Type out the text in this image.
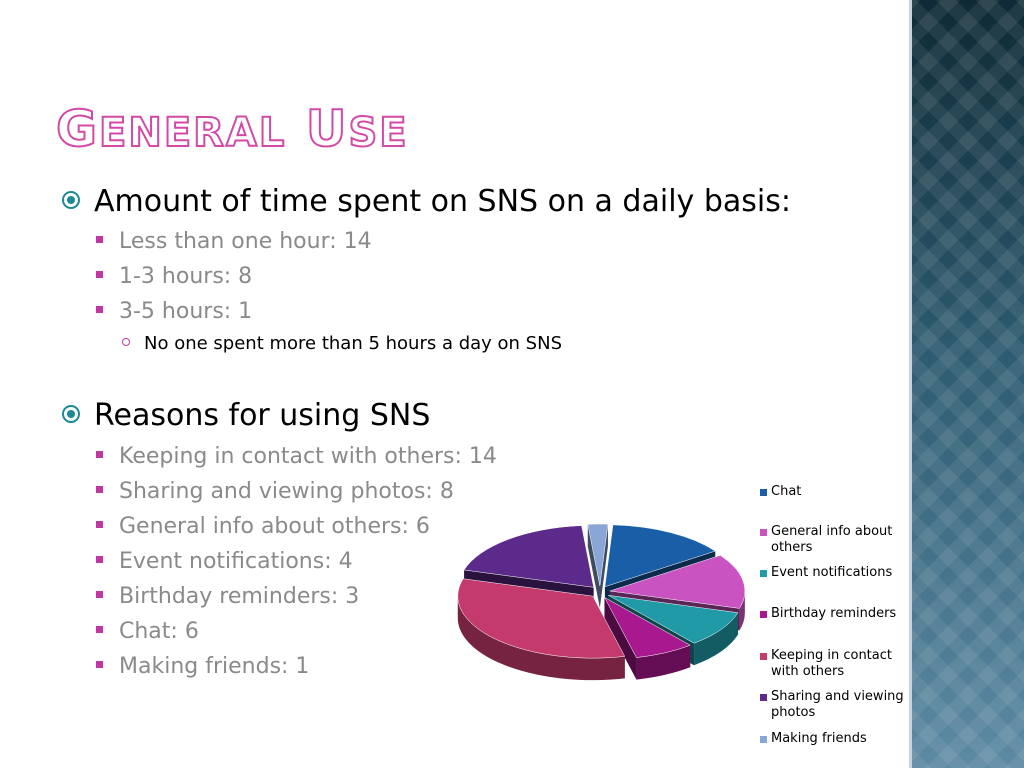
GENERAL USE
Amount of time spent on SNS on a daily basis:
Less than one hour: 14
1-3 hours: 8
3-5 hours: 1
No one spent more than 5 hours a day on SNS
Reasons for using SNS
Keeping in contact with others: 14
Sharing and viewing photos: 8
General info about others: 6
Event notifications: 4
Birthday reminders: 3
Chat: 6
Making friends: 1
Chat
General info about others
Event notifications
Birthday reminders
Keeping in contact with others
Sharing and viewing photos
Making friends
